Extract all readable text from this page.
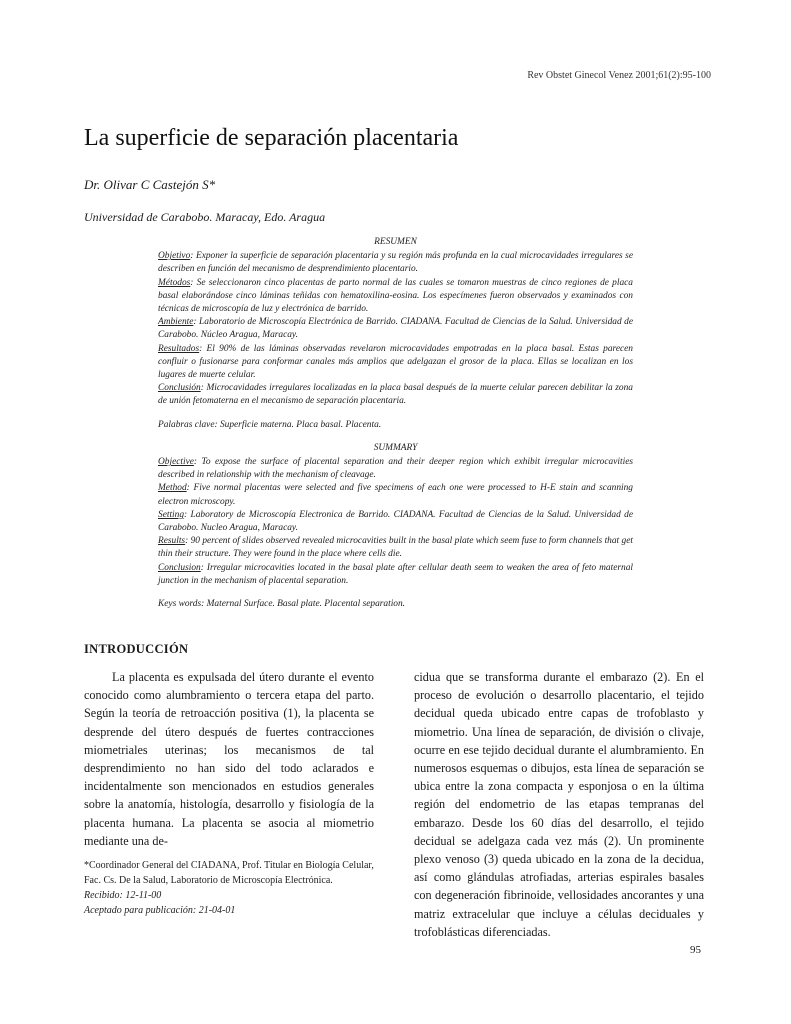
Rev Obstet Ginecol Venez 2001;61(2):95-100
La superficie de separación placentaria
Dr. Olivar C Castejón S*
Universidad de Carabobo. Maracay, Edo. Aragua

RESUMEN

Objetivo: Exponer la superficie de separación placentaria y su región más profunda en la cual microcavidades irregulares se describen en función del mecanismo de desprendimiento placentario.

Métodos: Se seleccionaron cinco placentas de parto normal de las cuales se tomaron muestras de cinco regiones de placa basal elaborándose cinco láminas teñidas con hematoxilina-eosina. Los especímenes fueron observados y examinados con técnicas de microscopía de luz y electrónica de barrido.

Ambiente: Laboratorio de Microscopía Electrónica de Barrido. CIADANA. Facultad de Ciencias de la Salud. Universidad de Carabobo. Núcleo Aragua, Maracay.

Resultados: El 90% de las láminas observadas revelaron microcavidades empotradas en la placa basal. Estas parecen confluir o fusionarse para conformar canales más amplios que adelgazan el grosor de la placa. Ellas se localizan en los lugares de muerte celular.

Conclusión: Microcavidades irregulares localizadas en la placa basal después de la muerte celular parecen debilitar la zona de unión fetomaterna en el mecanismo de separación placentaria.

Palabras clave: Superficie materna. Placa basal. Placenta.

SUMMARY

Objective: To expose the surface of placental separation and their deeper region which exhibit irregular microcavities described in relationship with the mechanism of cleavage.

Method: Five normal placentas were selected and five specimens of each one were processed to H-E stain and scanning electron microscopy.

Setting: Laboratory de Microscopía Electronica de Barrido. CIADANA. Facultad de Ciencias de la Salud. Universidad de Carabobo. Nucleo Aragua, Maracay.

Results: 90 percent of slides observed revealed microcavities built in the basal plate which seem fuse to form channels that get thin their structure. They were found in the place where cells die.

Conclusion: Irregular microcavities located in the basal plate after cellular death seem to weaken the area of feto maternal junction in the mechanism of placental separation.

Keys words: Maternal Surface. Basal plate. Placental separation.

INTRODUCCIÓN

La placenta es expulsada del útero durante el evento conocido como alumbramiento o tercera etapa del parto. Según la teoría de retroacción positiva (1), la placenta se desprende del útero después de fuertes contracciones miometriales uterinas; los mecanismos de tal desprendimiento no han sido del todo aclarados e incidentalmente son mencionados en estudios generales sobre la anatomía, histología, desarrollo y fisiología de la placenta humana. La placenta se asocia al miometrio mediante una de-

cidua que se transforma durante el embarazo (2). En el proceso de evolución o desarrollo placentario, el tejido decidual queda ubicado entre capas de trofoblasto y miometrio. Una línea de separación, de división o clivaje, ocurre en ese tejido decidual durante el alumbramiento. En numerosos esquemas o dibujos, esta línea de separación se ubica entre la zona compacta y esponjosa o en la última región del endometrio de las etapas tempranas del embarazo. Desde los 60 días del desarrollo, el tejido decidual se adelgaza cada vez más (2). Un prominente plexo venoso (3) queda ubicado en la zona de la decidua, así como glándulas atrofiadas, arterias espirales basales con degeneración fibrinoide, vellosidades ancorantes y una matriz extracelular que incluye a células deciduales y trofoblásticas diferenciadas.

*Coordinador General del CIADANA, Prof. Titular en Biología Celular, Fac. Cs. De la Salud, Laboratorio de Microscopía Electrónica.

Recibido: 12-11-00

Aceptado para publicación: 21-04-01

95
